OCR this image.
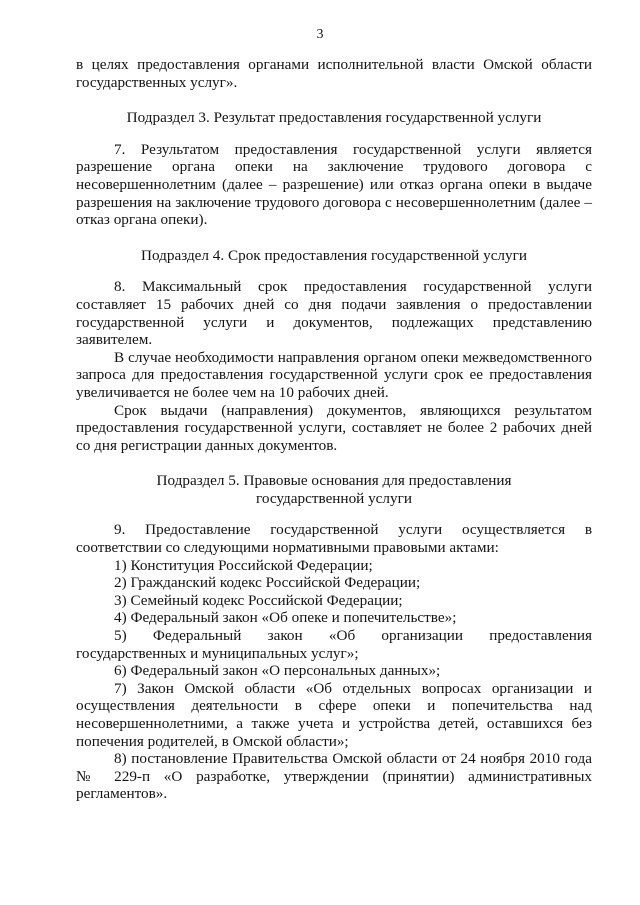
3

в целях предоставления органами исполнительной власти Омской области государственных услуг».

Подраздел 3. Результат предоставления государственной услуги

7. Результатом предоставления государственной услуги является разрешение органа опеки на заключение трудового договора с несовершеннолетним (далее – разрешение) или отказ органа опеки в выдаче разрешения на заключение трудового договора с несовершеннолетним (далее – отказ органа опеки).

Подраздел 4. Срок предоставления государственной услуги

8. Максимальный срок предоставления государственной услуги составляет 15 рабочих дней со дня подачи заявления о предоставлении государственной услуги и документов, подлежащих представлению заявителем.

В случае необходимости направления органом опеки межведомственного запроса для предоставления государственной услуги срок ее предоставления увеличивается не более чем на 10 рабочих дней.

Срок выдачи (направления) документов, являющихся результатом предоставления государственной услуги, составляет не более 2 рабочих дней со дня регистрации данных документов.

Подраздел 5. Правовые основания для предоставления

государственной услуги

9. Предоставление государственной услуги осуществляется в соответствии со следующими нормативными правовыми актами:

1) Конституция Российской Федерации;

2) Гражданский кодекс Российской Федерации;

3) Семейный кодекс Российской Федерации;

4) Федеральный закон «Об опеке и попечительстве»;

5) Федеральный закон «Об организации предоставления государственных и муниципальных услуг»;

6) Федеральный закон «О персональных данных»;

7) Закон Омской области «Об отдельных вопросах организации и осуществления деятельности в сфере опеки и попечительства над несовершеннолетними, а также учета и устройства детей, оставшихся без попечения родителей, в Омской области»;

8) постановление Правительства Омской области от 24 ноября 2010 года № 229-п «О разработке, утверждении (принятии) административных регламентов».
